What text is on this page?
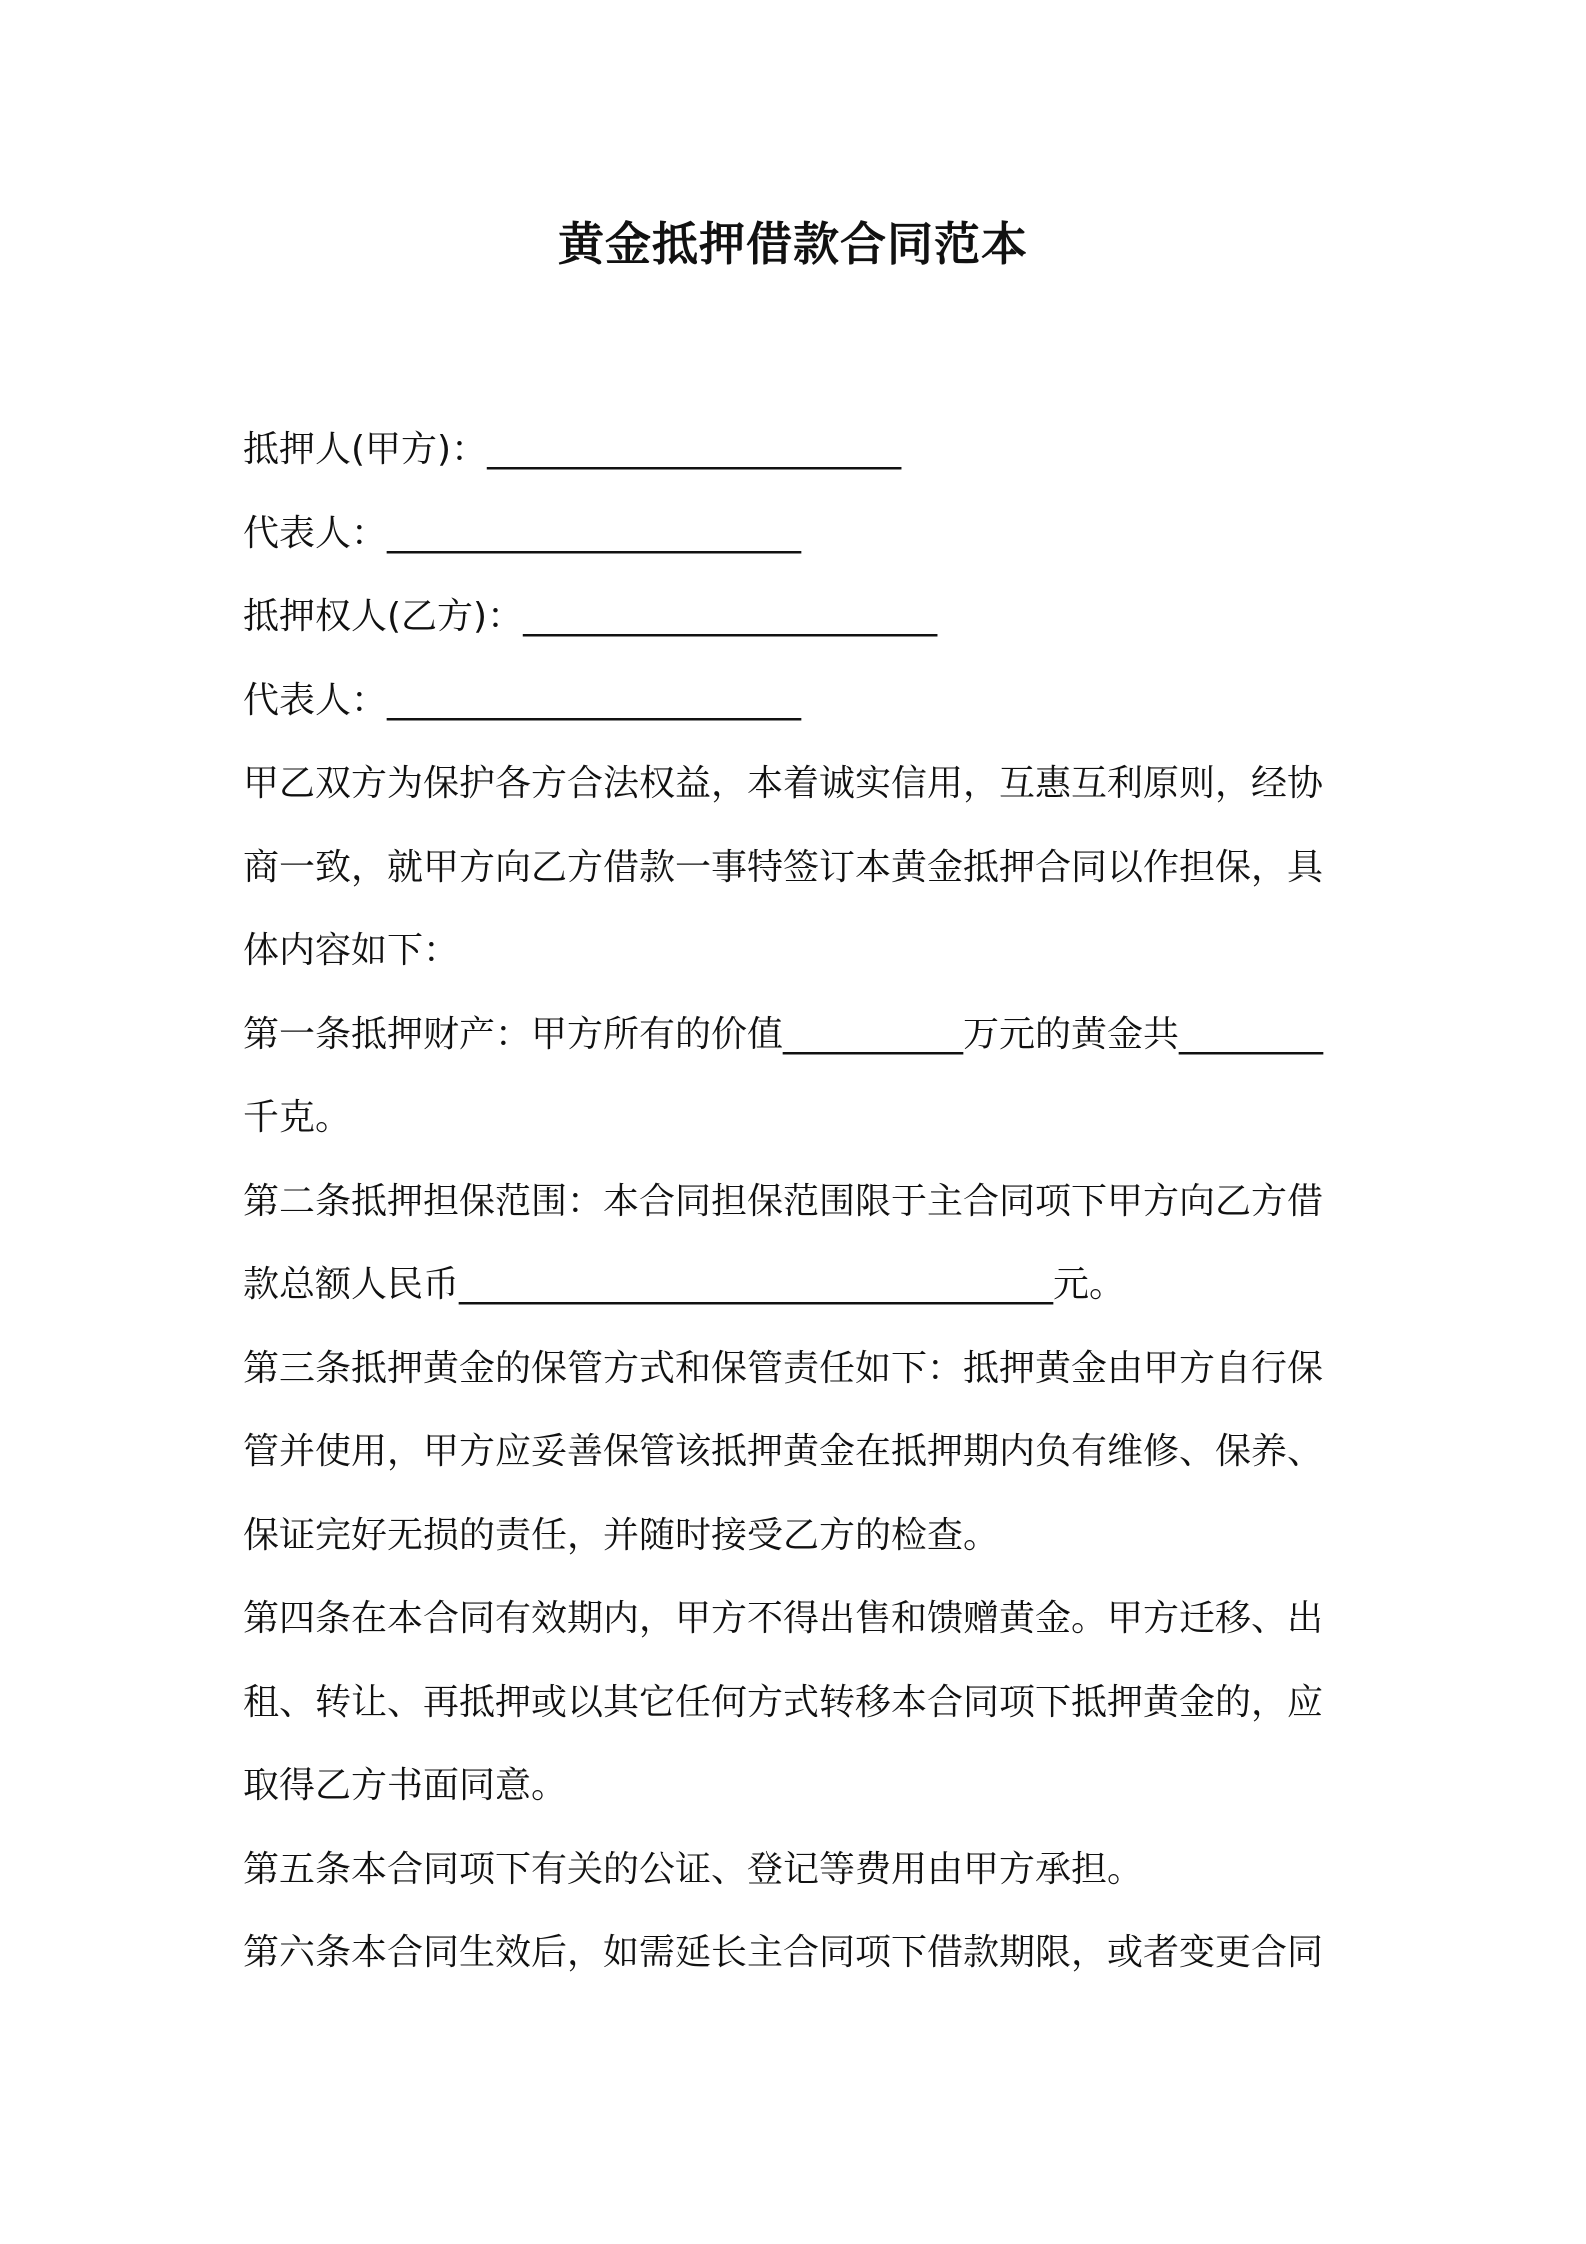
黄金抵押借款合同范本
抵押人(甲方)：_______________________
代表人：_______________________
抵押权人(乙方)：_______________________
代表人：_______________________
甲乙双方为保护各方合法权益，本着诚实信用，互惠互利原则，经协
商一致，就甲方向乙方借款一事特签订本黄金抵押合同以作担保，具
体内容如下：
第一条抵押财产：甲方所有的价值__________万元的黄金共________
千克。
第二条抵押担保范围：本合同担保范围限于主合同项下甲方向乙方借
款总额人民币_________________________________元。
第三条抵押黄金的保管方式和保管责任如下：抵押黄金由甲方自行保
管并使用，甲方应妥善保管该抵押黄金在抵押期内负有维修、保养、
保证完好无损的责任，并随时接受乙方的检查。
第四条在本合同有效期内，甲方不得出售和馈赠黄金。甲方迁移、出
租、转让、再抵押或以其它任何方式转移本合同项下抵押黄金的，应
取得乙方书面同意。
第五条本合同项下有关的公证、登记等费用由甲方承担。
第六条本合同生效后，如需延长主合同项下借款期限，或者变更合同
